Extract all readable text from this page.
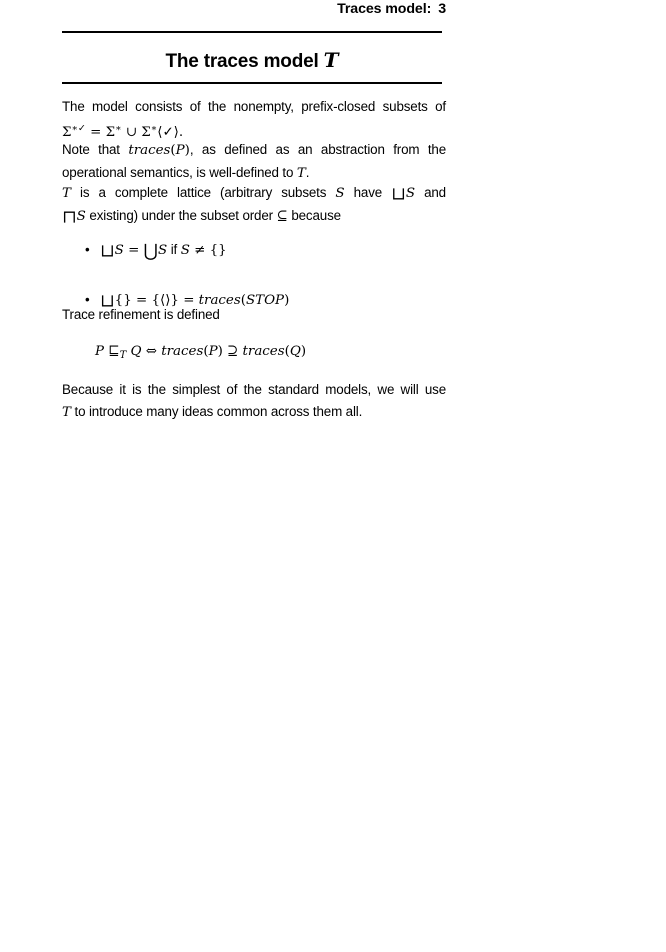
Traces model: 3
The traces model T
The model consists of the nonempty, prefix-closed subsets of
Σ∗✓ = Σ∗ ∪ Σ∗⟨✓⟩.
Note that traces(P), as defined as an abstraction from the
operational semantics, is well-defined to T.
T is a complete lattice (arbitrary subsets S have ⊔S and
⊓S existing) under the subset order ⊆ because
• ⊔S = ⋃S if S ≠ {}
• ⊔{} = {⟨⟩} = traces(STOP)
Trace refinement is defined
P $⊑_T$ Q ⇔ traces(P) ⊇ traces(Q)
Because it is the simplest of the standard models, we will use
T to introduce many ideas common across them all.
